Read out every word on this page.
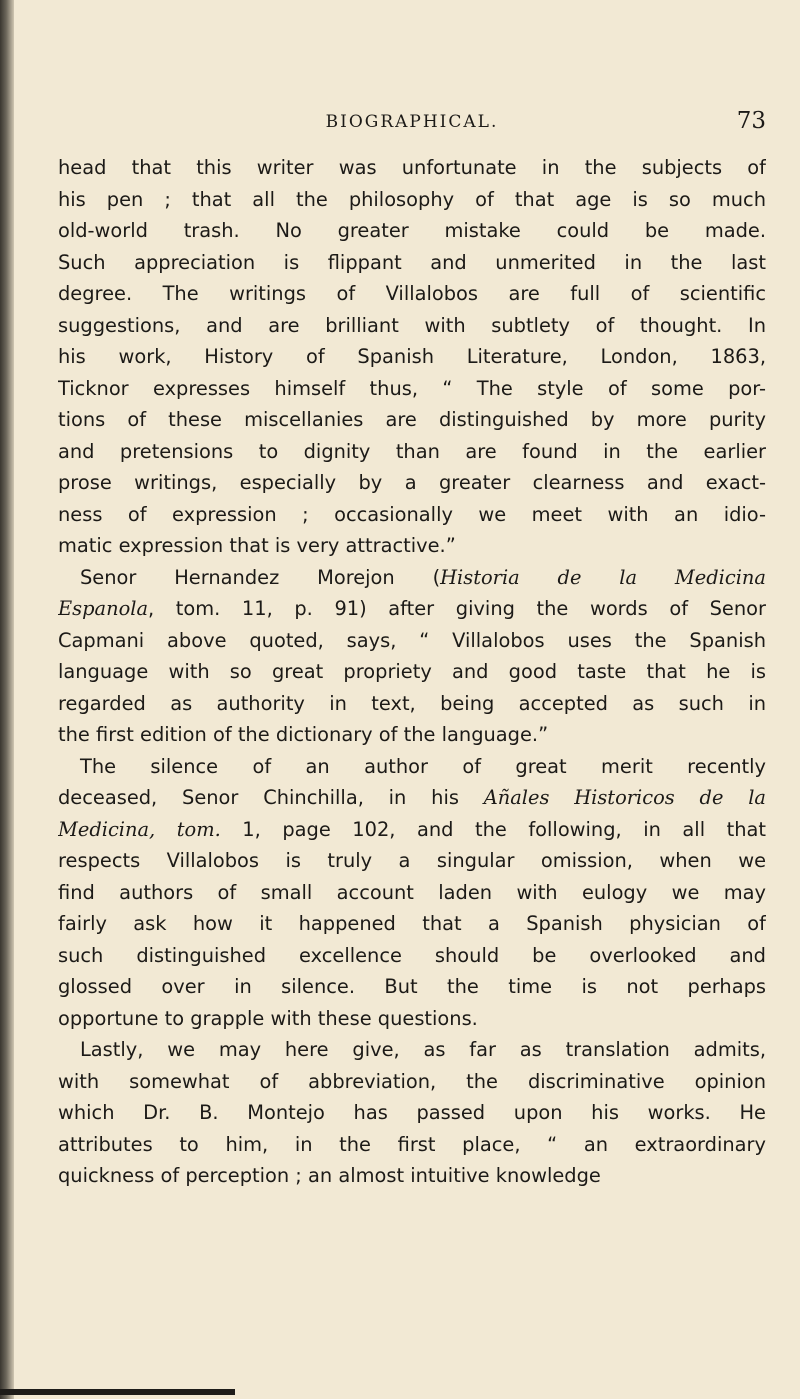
BIOGRAPHICAL.	73
head that this writer was unfortunate in the subjects of
his pen ; that all the philosophy of that age is so much
old-world trash. No greater mistake could be made.
Such appreciation is flippant and unmerited in the last
degree. The writings of Villalobos are full of scientific
suggestions, and are brilliant with subtlety of thought. In
his work, History of Spanish Literature, London, 1863,
Ticknor expresses himself thus, “ The style of some por-
tions of these miscellanies are distinguished by more purity
and pretensions to dignity than are found in the earlier
prose writings, especially by a greater clearness and exact-
ness of expression ; occasionally we meet with an idio-
matic expression that is very attractive.”
Senor Hernandez Morejon (Historia de la Medicina
Espanola, tom. 11, p. 91) after giving the words of Senor
Capmani above quoted, says, “ Villalobos uses the Spanish
language with so great propriety and good taste that he is
regarded as authority in text, being accepted as such in
the first edition of the dictionary of the language.”
The silence of an author of great merit recently
deceased, Senor Chinchilla, in his Añales Historicos de la
Medicina, tom. 1, page 102, and the following, in all that
respects Villalobos is truly a singular omission, when we
find authors of small account laden with eulogy we may
fairly ask how it happened that a Spanish physician of
such distinguished excellence should be overlooked and
glossed over in silence. But the time is not perhaps
opportune to grapple with these questions.
Lastly, we may here give, as far as translation admits,
with somewhat of abbreviation, the discriminative opinion
which Dr. B. Montejo has passed upon his works. He
attributes to him, in the first place, “ an extraordinary
quickness of perception ; an almost intuitive knowledge
